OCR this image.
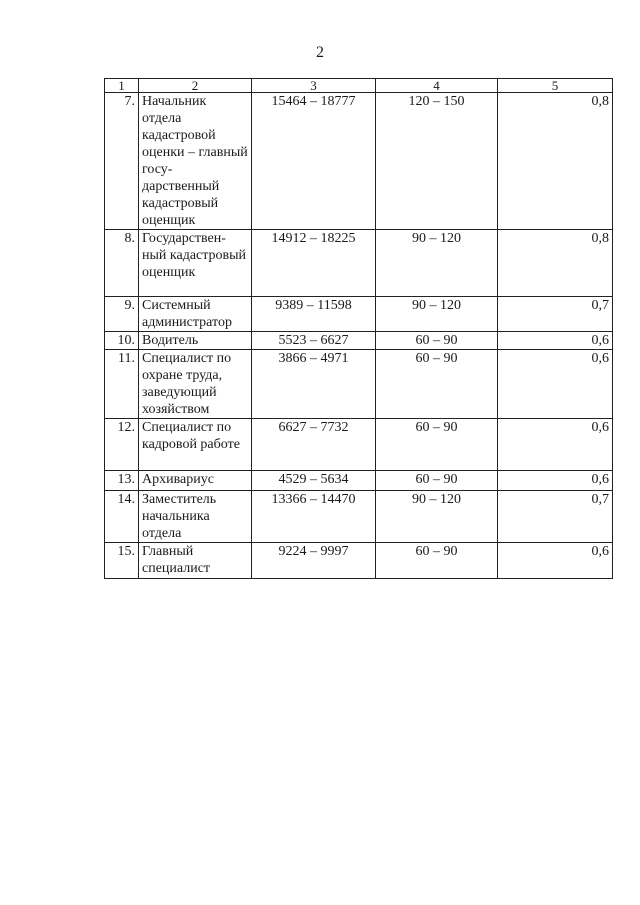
2
1	2	3	4	5
7.	Начальник отдела кадастровой оценки – главный госу-дарственный кадастровый оценщик	15464 – 18777	120 – 150	0,8
8.	Государствен-ный кадастровый оценщик	14912 – 18225	90 – 120	0,8
9.	Системный администратор	9389 – 11598	90 – 120	0,7
10.	Водитель	5523 – 6627	60 – 90	0,6
11.	Специалист по охране труда, заведующий хозяйством	3866 – 4971	60 – 90	0,6
12.	Специалист по кадровой работе	6627 – 7732	60 – 90	0,6
13.	Архивариус	4529 – 5634	60 – 90	0,6
14.	Заместитель начальника отдела	13366 – 14470	90 – 120	0,7
15.	Главный специалист	9224 – 9997	60 – 90	0,6
